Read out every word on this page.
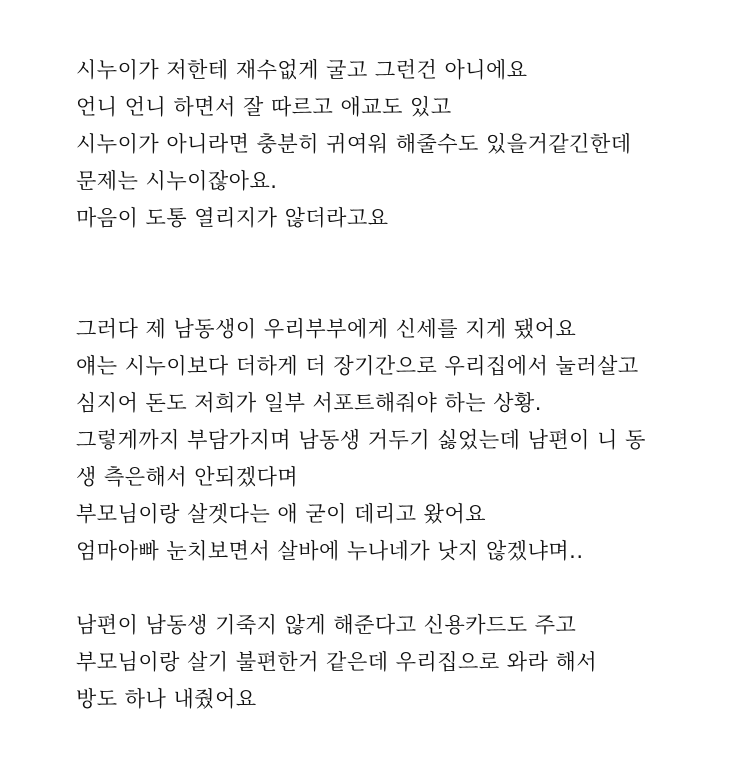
시누이가 저한테 재수없게 굴고 그런건 아니에요
언니 언니 하면서 잘 따르고 애교도 있고
시누이가 아니라면 충분히 귀여워 해줄수도 있을거같긴한데
문제는 시누이잖아요.
마음이 도통 열리지가 않더라고요
그러다 제 남동생이 우리부부에게 신세를 지게 됐어요
얘는 시누이보다 더하게 더 장기간으로 우리집에서 눌러살고
심지어 돈도 저희가 일부 서포트해줘야 하는 상황.
그렇게까지 부담가지며 남동생 거두기 싫었는데 남편이 니 동
생 측은해서 안되겠다며
부모님이랑 살겟다는 애 굳이 데리고 왔어요
엄마아빠 눈치보면서 살바에 누나네가 낫지 않겠냐며..
남편이 남동생 기죽지 않게 해준다고 신용카드도 주고
부모님이랑 살기 불편한거 같은데 우리집으로 와라 해서
방도 하나 내줬어요
